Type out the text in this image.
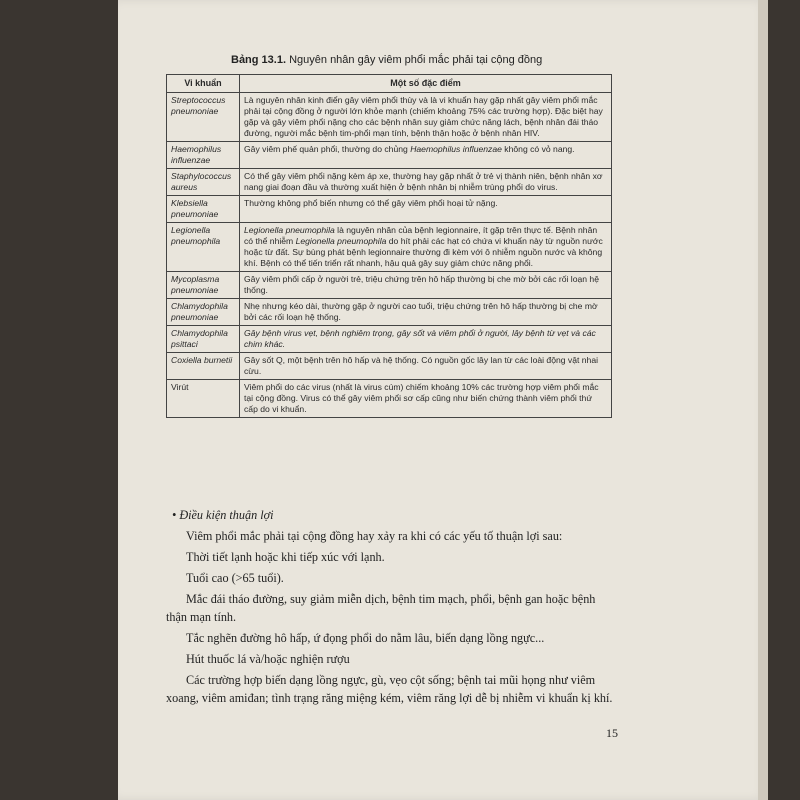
Bảng 13.1. Nguyên nhân gây viêm phổi mắc phải tại cộng đồng
Vi khuẩn	Một số đặc điểm
Streptococcus pneumoniae	Là nguyên nhân kinh điển gây viêm phổi thùy và là vi khuẩn hay gặp nhất gây viêm phổi mắc phải tại cộng đồng ở người lớn khỏe mạnh (chiếm khoảng 75% các trường hợp). Đặc biệt hay gặp và gây viêm phổi nặng cho các bệnh nhân suy giảm chức năng lách, bệnh nhân đái tháo đường, người mắc bệnh tim-phổi mạn tính, bệnh thận hoặc ở bệnh nhân HIV.
Haemophilus influenzae	Gây viêm phế quản phổi, thường do chủng Haemophilus influenzae không có vỏ nang.
Staphylococcus aureus	Có thể gây viêm phổi nặng kèm áp xe, thường hay gặp nhất ở trẻ vị thành niên, bệnh nhân xơ nang giai đoạn đầu và thường xuất hiện ở bệnh nhân bị nhiễm trùng phổi do virus.
Klebsiella pneumoniae	Thường không phổ biến nhưng có thể gây viêm phổi hoại tử nặng.
Legionella pneumophila	Legionella pneumophila là nguyên nhân của bệnh legionnaire, ít gặp trên thực tế. Bệnh nhân có thể nhiễm Legionella pneumophila do hít phải các hạt có chứa vi khuẩn này từ nguồn nước hoặc từ đất. Sự bùng phát bệnh legionnaire thường đi kèm với ô nhiễm nguồn nước và không khí. Bệnh có thể tiến triển rất nhanh, hậu quả gây suy giảm chức năng phổi.
Mycoplasma pneumoniae	Gây viêm phổi cấp ở người trẻ, triệu chứng trên hô hấp thường bị che mờ bởi các rối loạn hệ thống.
Chlamydophila pneumoniae	Nhẹ nhưng kéo dài, thường gặp ở người cao tuổi, triệu chứng trên hô hấp thường bị che mờ bởi các rối loạn hệ thống.
Chlamydophila psittaci	Gây bệnh virus vẹt, bệnh nghiêm trọng, gây sốt và viêm phổi ở người, lây bệnh từ vẹt và các chim khác.
Coxiella burnetii	Gây sốt Q, một bệnh trên hô hấp và hệ thống. Có nguồn gốc lây lan từ các loài động vật nhai cừu.
Virút	Viêm phổi do các virus (nhất là virus cúm) chiếm khoảng 10% các trường hợp viêm phổi mắc tại cộng đồng. Virus có thể gây viêm phổi sơ cấp cũng như biến chứng thành viêm phổi thứ cấp do vi khuẩn.

• Điều kiện thuận lợi

Viêm phổi mắc phải tại cộng đồng hay xảy ra khi có các yếu tố thuận lợi sau:

Thời tiết lạnh hoặc khi tiếp xúc với lạnh.

Tuổi cao (>65 tuổi).

Mắc đái tháo đường, suy giảm miễn dịch, bệnh tim mạch, phổi, bệnh gan hoặc bệnh thận mạn tính.

Tắc nghẽn đường hô hấp, ứ đọng phổi do nằm lâu, biến dạng lồng ngực...

Hút thuốc lá và/hoặc nghiện rượu

Các trường hợp biến dạng lồng ngực, gù, vẹo cột sống; bệnh tai mũi họng như viêm xoang, viêm amiđan; tình trạng răng miệng kém, viêm răng lợi dễ bị nhiễm vi khuẩn kị khí.

15
